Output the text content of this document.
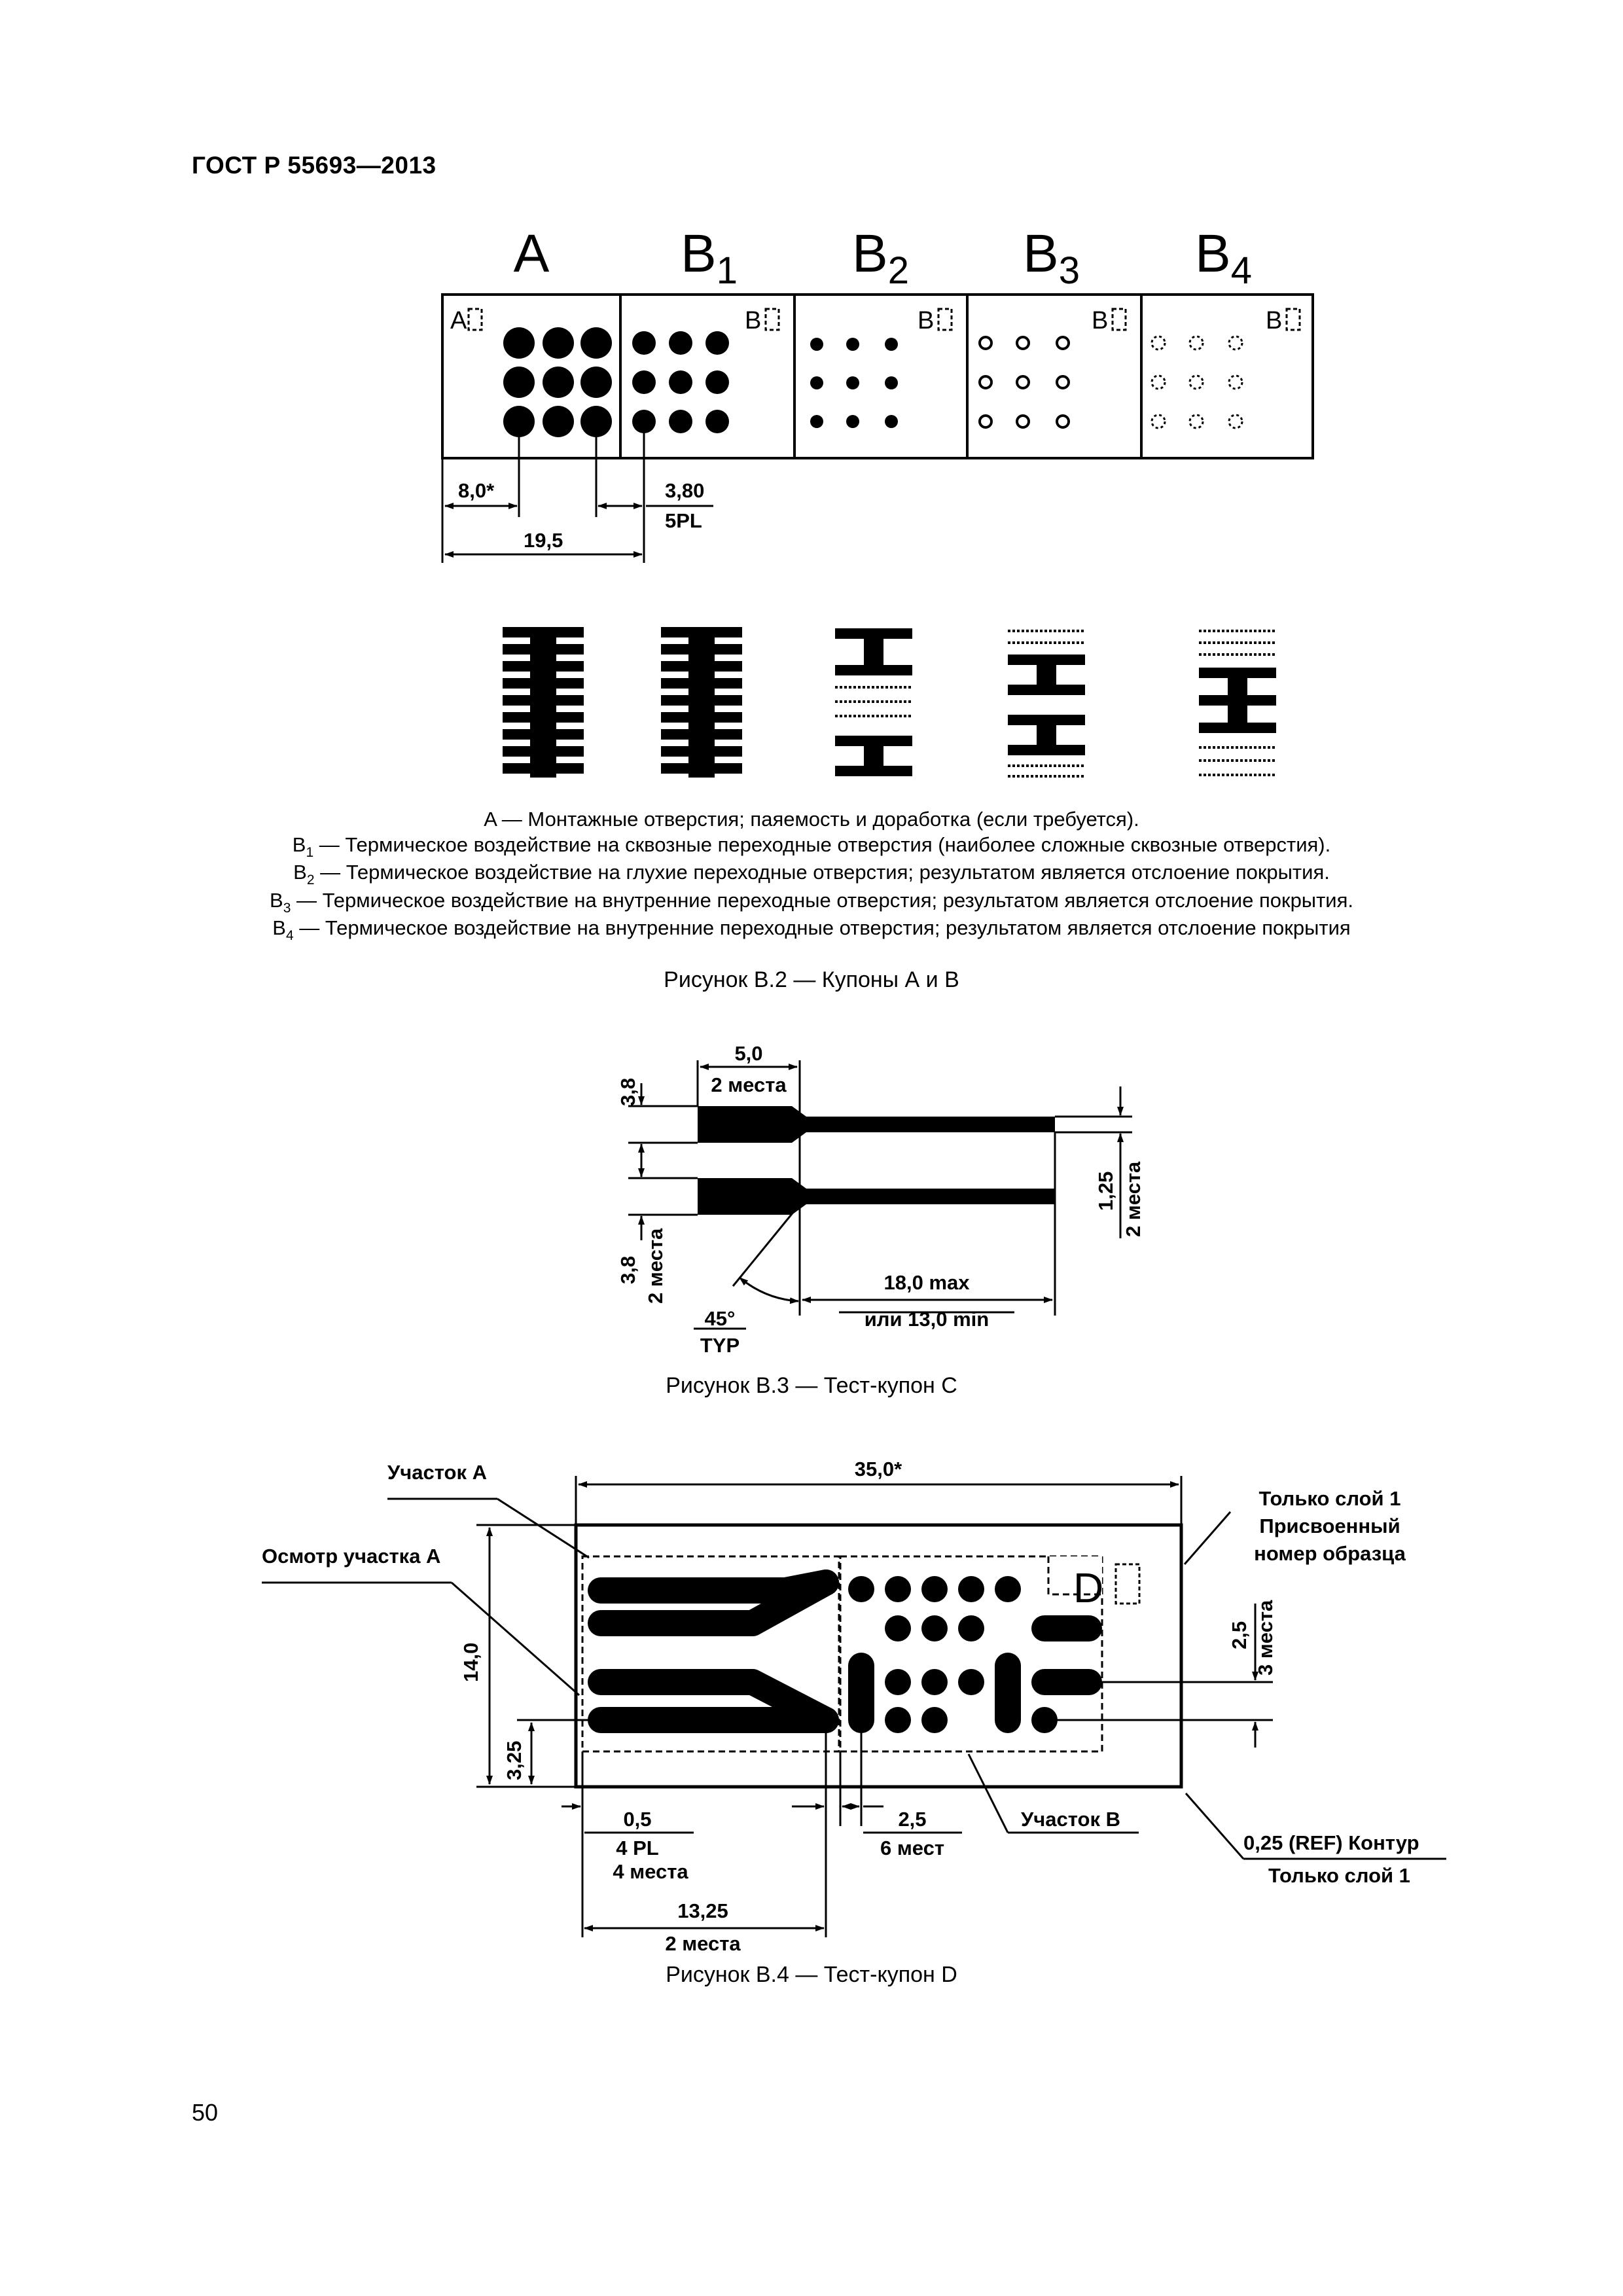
ГОСТ Р 55693—2013
A $B_1$ $B_2$ $B_3$ $B_4$
A	B	B	B	B
8,0*	3,80
5PL
19,5
A — Монтажные отверстия; паяемость и доработка (если требуется).
$B_1$ — Термическое воздействие на сквозные переходные отверстия (наиболее сложные сквозные отверстия).
$B_2$ — Термическое воздействие на глухие переходные отверстия; результатом является отслоение покрытия.
$B_3$ — Термическое воздействие на внутренние переходные отверстия; результатом является отслоение покрытия.
$B_4$ — Термическое воздействие на внутренние переходные отверстия; результатом является отслоение покрытия
Рисунок В.2 — Купоны А и В
5,0
2 места
3,8
3,8 2 места
1,25 2 места
18,0 max
или 13,0 min
45°
TYP
Рисунок В.3 — Тест-купон С
D
Участок А
Осмотр участка А
Только слой 1
Присвоенный
номер образца
Участок В
0,25 (REF) Контур
Только слой 1
35,0*
14,0
3,25
2,5 3 места
0,5
4 PL
4 места
2,5
6 мест
13,25
2 места
Рисунок В.4 — Тест-купон D
50
